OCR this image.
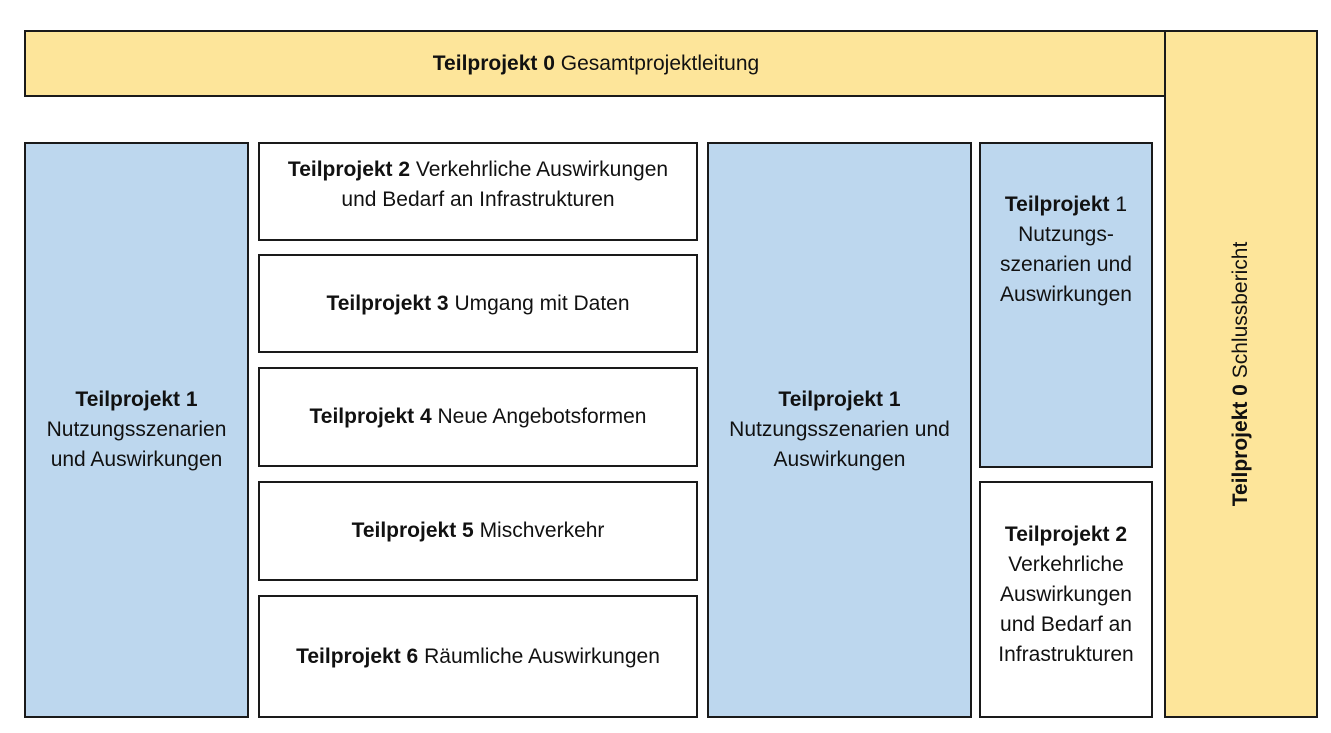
Teilprojekt 0 Gesamtprojektleitung
Teilprojekt 0 Schlussbericht
Teilprojekt 1
Nutzungsszenarien
und Auswirkungen
Teilprojekt 2 Verkehrliche Auswirkungen
und Bedarf an Infrastrukturen
Teilprojekt 3 Umgang mit Daten
Teilprojekt 4 Neue Angebotsformen
Teilprojekt 5 Mischverkehr
Teilprojekt 6 Räumliche Auswirkungen
Teilprojekt 1
Nutzungsszenarien und
Auswirkungen
Teilprojekt 1
Nutzungs-
szenarien und
Auswirkungen
Teilprojekt 2
Verkehrliche
Auswirkungen
und Bedarf an
Infrastrukturen
